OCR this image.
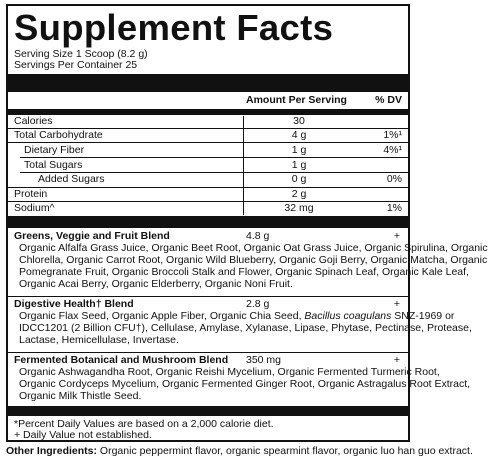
Supplement Facts
Serving Size 1 Scoop (8.2 g)
Servings Per Container 25
Amount Per Serving	% DV
Calories	30
Total Carbohydrate	4 g	1%¹
Dietary Fiber	1 g	4%¹
Total Sugars	1 g
Added Sugars	0 g	0%
Protein	2 g
Sodium^	32 mg	1%
Greens, Veggie and Fruit Blend	4.8 g	+
Organic Alfalfa Grass Juice, Organic Beet Root, Organic Oat Grass Juice, Organic Spirulina, Organic
Chlorella, Organic Carrot Root, Organic Wild Blueberry, Organic Goji Berry, Organic Matcha, Organic
Pomegranate Fruit, Organic Broccoli Stalk and Flower, Organic Spinach Leaf, Organic Kale Leaf,
Organic Acai Berry, Organic Elderberry, Organic Noni Fruit.
Digestive Health† Blend	2.8 g	+
Organic Flax Seed, Organic Apple Fiber, Organic Chia Seed, Bacillus coagulans SNZ-1969 or
IDCC1201 (2 Billion CFU†), Cellulase, Amylase, Xylanase, Lipase, Phytase, Pectinase, Protease,
Lactase, Hemicellulase, Invertase.
Fermented Botanical and Mushroom Blend 350 mg	+
Organic Ashwagandha Root, Organic Reishi Mycelium, Organic Fermented Turmeric Root,
Organic Cordyceps Mycelium, Organic Fermented Ginger Root, Organic Astragalus Root Extract,
Organic Milk Thistle Seed.
*Percent Daily Values are based on a 2,000 calorie diet.
+ Daily Value not established.
Other Ingredients: Organic peppermint flavor, organic spearmint flavor, organic luo han guo extract.
